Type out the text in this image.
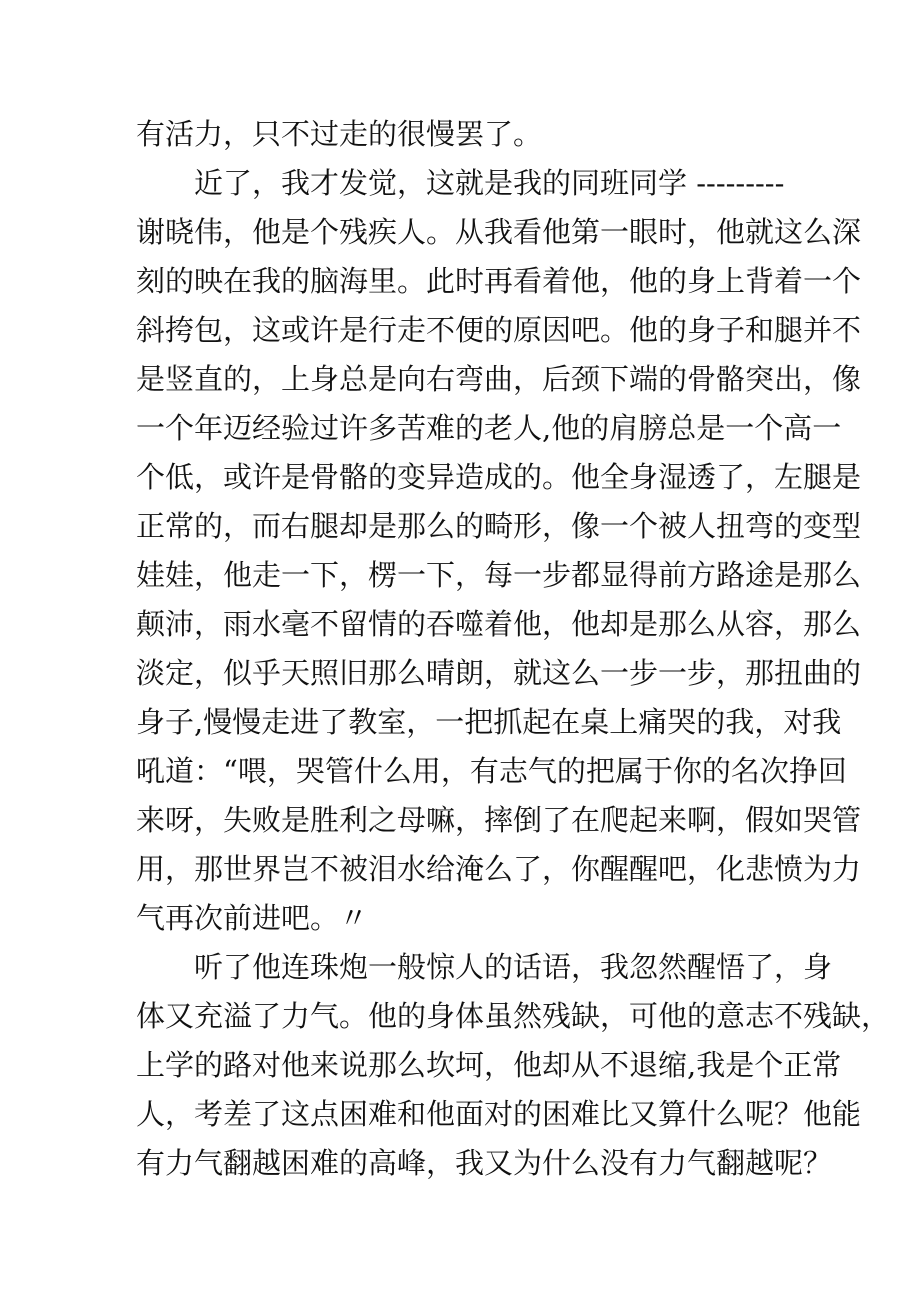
有活力，只不过走的很慢罢了。
近了，我才发觉，这就是我的同班同学 ---------
谢晓伟，他是个残疾人。从我看他第一眼时，他就这么深
刻的映在我的脑海里。此时再看着他，他的身上背着一个
斜挎包，这或许是行走不便的原因吧。他的身子和腿并不
是竖直的，上身总是向右弯曲，后颈下端的骨骼突出，像
一个年迈经验过许多苦难的老人,他的肩膀总是一个高一
个低，或许是骨骼的变异造成的。他全身湿透了，左腿是
正常的，而右腿却是那么的畸形，像一个被人扭弯的变型
娃娃，他走一下，楞一下，每一步都显得前方路途是那么
颠沛，雨水毫不留情的吞噬着他，他却是那么从容，那么
淡定，似乎天照旧那么晴朗，就这么一步一步，那扭曲的
身子,慢慢走进了教室，一把抓起在桌上痛哭的我，对我
吼道：“喂，哭管什么用，有志气的把属于你的名次挣回
来呀，失败是胜利之母嘛，摔倒了在爬起来啊，假如哭管
用，那世界岂不被泪水给淹么了，你醒醒吧，化悲愤为力
气再次前进吧。〃
听了他连珠炮一般惊人的话语，我忽然醒悟了，身
体又充溢了力气。他的身体虽然残缺，可他的意志不残缺，
上学的路对他来说那么坎坷，他却从不退缩,我是个正常
人，考差了这点困难和他面对的困难比又算什么呢？他能
有力气翻越困难的高峰，我又为什么没有力气翻越呢？
